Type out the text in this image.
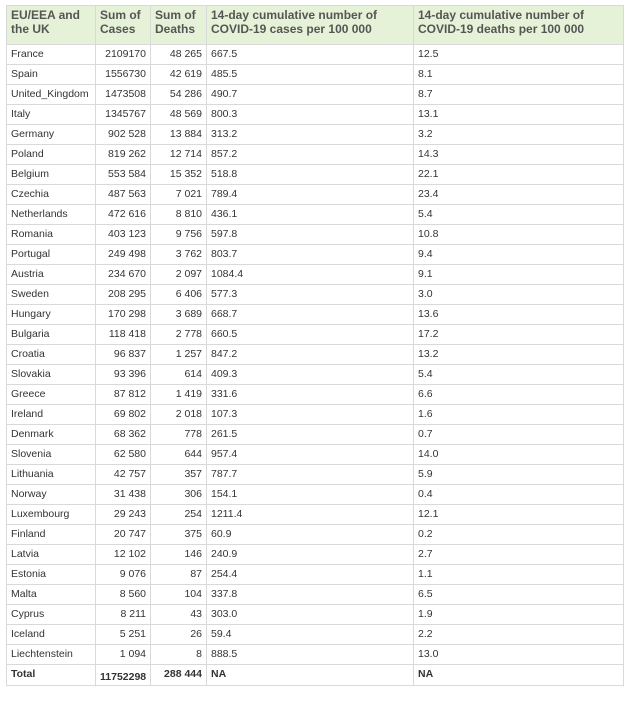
EU/EEA and the UK	Sum of Cases	Sum of Deaths	14-day cumulative number of COVID-19 cases per 100 000	14-day cumulative number of COVID-19 deaths per 100 000
France	2109170	48 265	667.5	12.5
Spain	1556730	42 619	485.5	8.1
United_Kingdom	1473508	54 286	490.7	8.7
Italy	1345767	48 569	800.3	13.1
Germany	902 528	13 884	313.2	3.2
Poland	819 262	12 714	857.2	14.3
Belgium	553 584	15 352	518.8	22.1
Czechia	487 563	7 021	789.4	23.4
Netherlands	472 616	8 810	436.1	5.4
Romania	403 123	9 756	597.8	10.8
Portugal	249 498	3 762	803.7	9.4
Austria	234 670	2 097	1084.4	9.1
Sweden	208 295	6 406	577.3	3.0
Hungary	170 298	3 689	668.7	13.6
Bulgaria	118 418	2 778	660.5	17.2
Croatia	96 837	1 257	847.2	13.2
Slovakia	93 396	614	409.3	5.4
Greece	87 812	1 419	331.6	6.6
Ireland	69 802	2 018	107.3	1.6
Denmark	68 362	778	261.5	0.7
Slovenia	62 580	644	957.4	14.0
Lithuania	42 757	357	787.7	5.9
Norway	31 438	306	154.1	0.4
Luxembourg	29 243	254	1211.4	12.1
Finland	20 747	375	60.9	0.2
Latvia	12 102	146	240.9	2.7
Estonia	9 076	87	254.4	1.1
Malta	8 560	104	337.8	6.5
Cyprus	8 211	43	303.0	1.9
Iceland	5 251	26	59.4	2.2
Liechtenstein	1 094	8	888.5	13.0
Total	11752298	288 444	NA	NA
